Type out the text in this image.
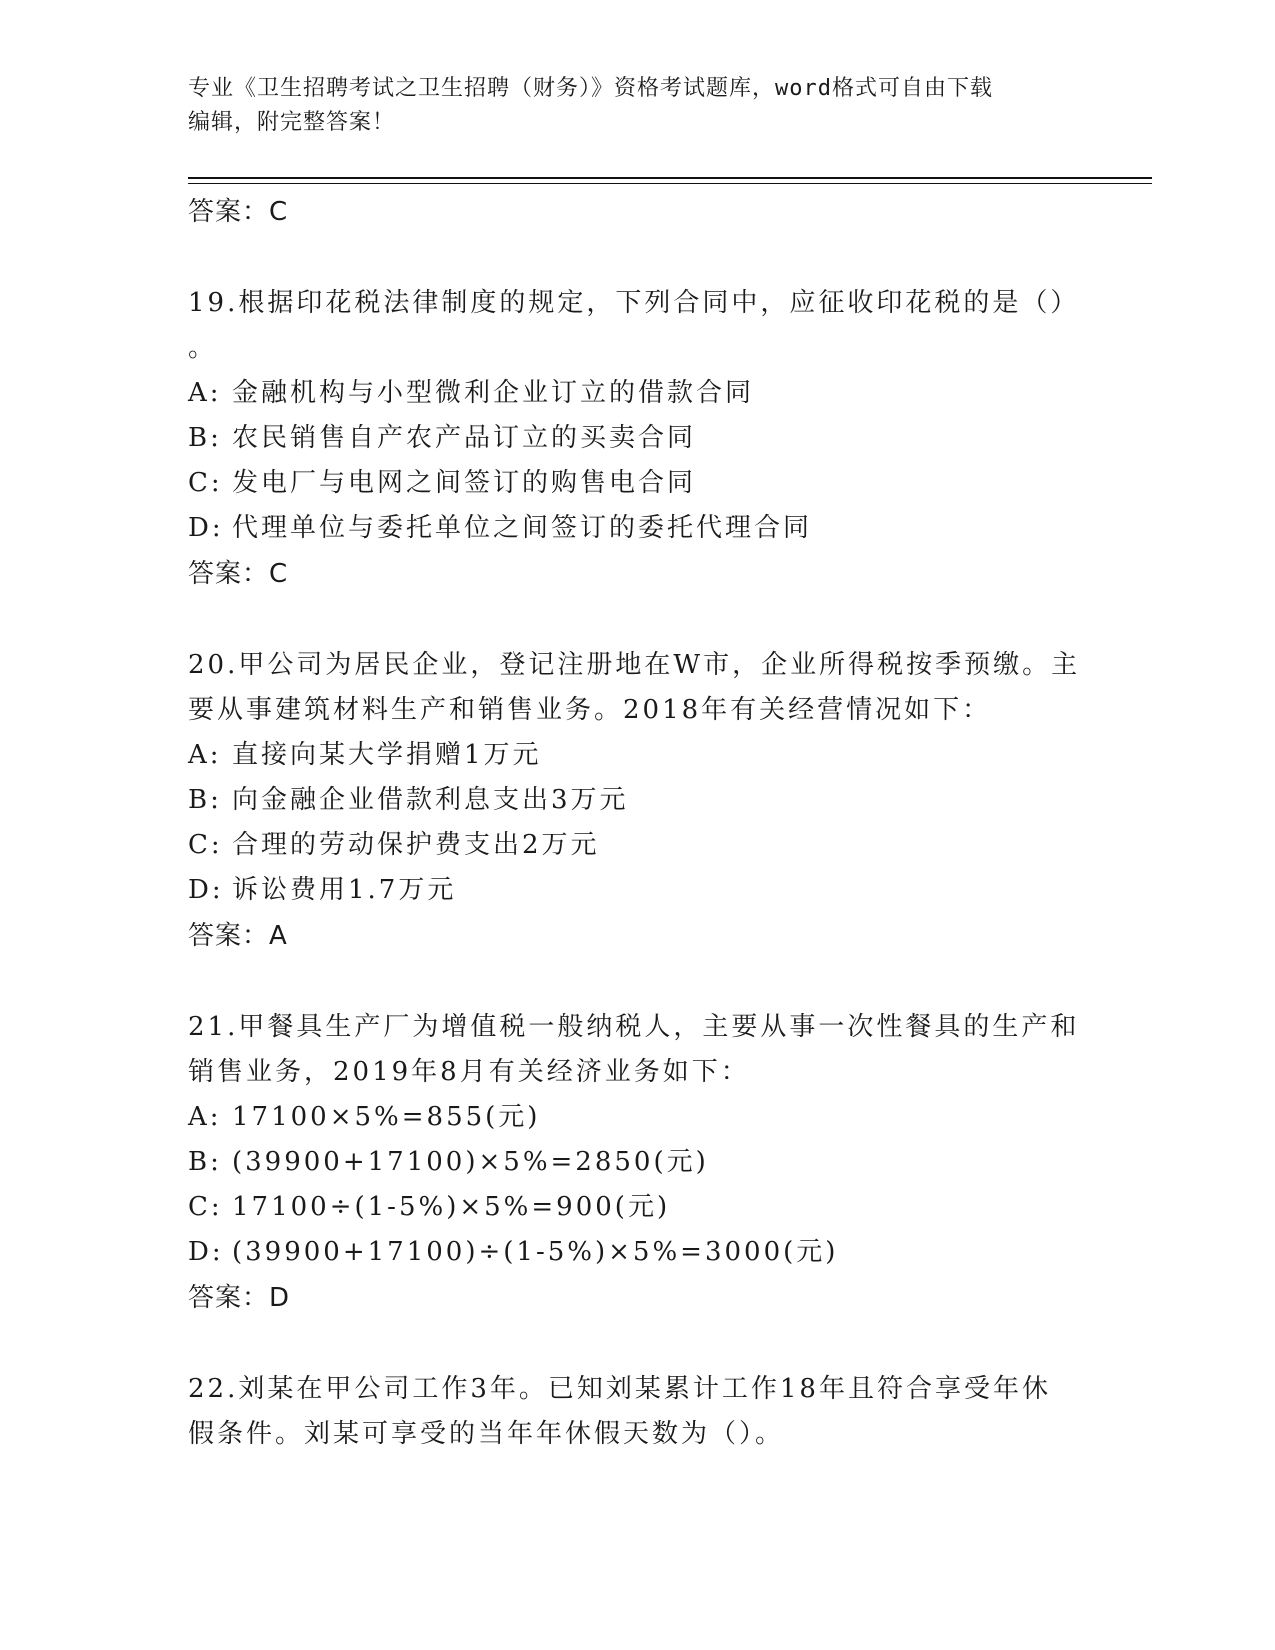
专业《卫生招聘考试之卫生招聘（财务）》资格考试题库，word格式可自由下载
编辑，附完整答案！
答案：C
19.根据印花税法律制度的规定，下列合同中，应征收印花税的是（）
。
A: 金融机构与小型微利企业订立的借款合同
B: 农民销售自产农产品订立的买卖合同
C: 发电厂与电网之间签订的购售电合同
D: 代理单位与委托单位之间签订的委托代理合同
答案：C
20.甲公司为居民企业，登记注册地在W市，企业所得税按季预缴。主
要从事建筑材料生产和销售业务。2018年有关经营情况如下：
A: 直接向某大学捐赠1万元
B: 向金融企业借款利息支出3万元
C: 合理的劳动保护费支出2万元
D: 诉讼费用1.7万元
答案：A
21.甲餐具生产厂为增值税一般纳税人，主要从事一次性餐具的生产和
销售业务，2019年8月有关经济业务如下：
A: 17100×5%=855(元)
B: (39900+17100)×5%=2850(元)
C: 17100÷(1-5%)×5%=900(元)
D: (39900+17100)÷(1-5%)×5%=3000(元)
答案：D
22.刘某在甲公司工作3年。已知刘某累计工作18年且符合享受年休
假条件。刘某可享受的当年年休假天数为（）。
